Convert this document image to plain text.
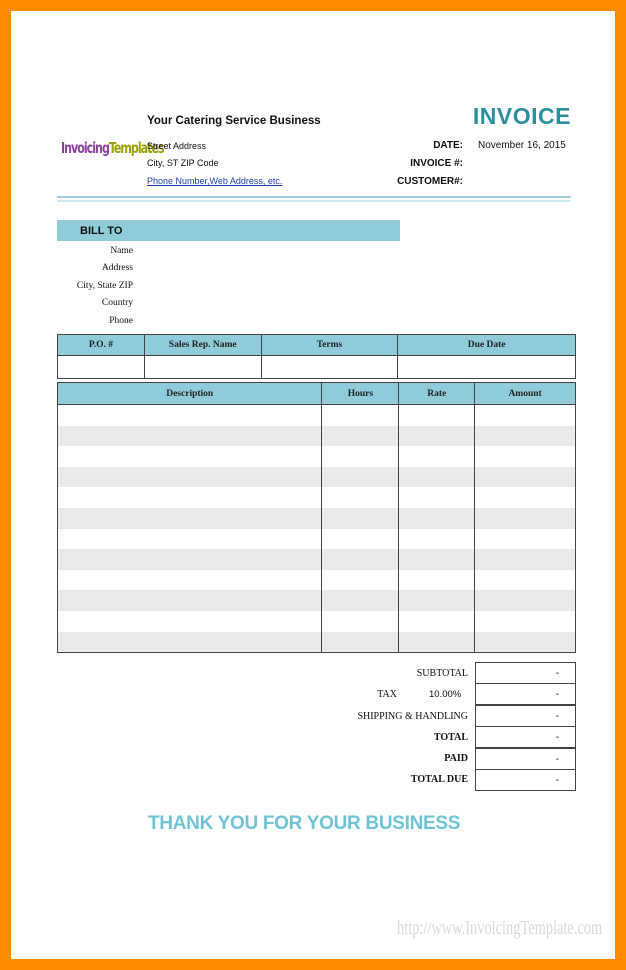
InvoicingTemplates
Your Catering Service Business
Street Address
City, ST ZIP Code
Phone Number,Web Address, etc.
INVOICE
DATE: November 16, 2015
INVOICE #:
CUSTOMER#:
BILL TO
Name
Address
City, State ZIP
Country
Phone
P.O. #	Sales Rep. Name	Terms	Due Date

Description	Hours	Rate	Amount

SUBTOTAL	-
TAX	10.00%	-
SHIPPING & HANDLING	-
TOTAL	-
PAID	-
TOTAL DUE	-
THANK YOU FOR YOUR BUSINESS
http://www.InvoicingTemplate.com
